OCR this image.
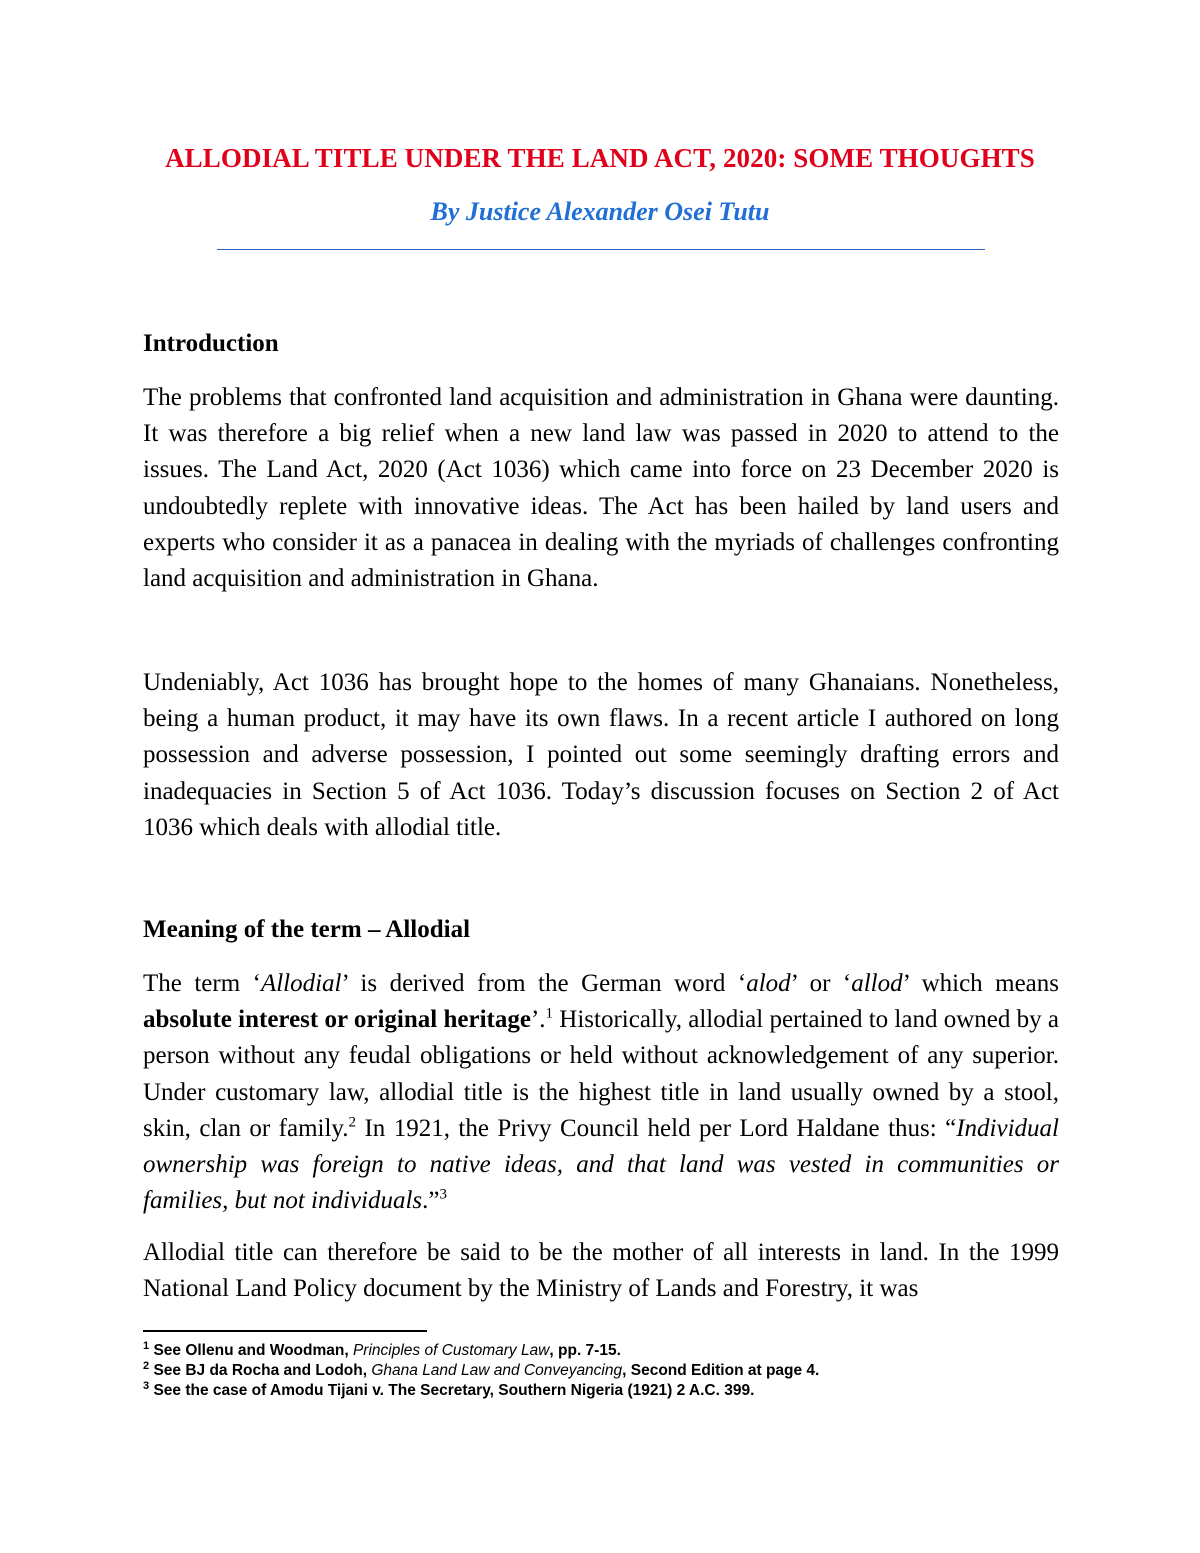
ALLODIAL TITLE UNDER THE LAND ACT, 2020: SOME THOUGHTS
By Justice Alexander Osei Tutu

Introduction

The problems that confronted land acquisition and administration in Ghana were daunting. It was therefore a big relief when a new land law was passed in 2020 to attend to the issues. The Land Act, 2020 (Act 1036) which came into force on 23 December 2020 is undoubtedly replete with innovative ideas. The Act has been hailed by land users and experts who consider it as a panacea in dealing with the myriads of challenges confronting land acquisition and administration in Ghana.

Undeniably, Act 1036 has brought hope to the homes of many Ghanaians. Nonetheless, being a human product, it may have its own flaws. In a recent article I authored on long possession and adverse possession, I pointed out some seemingly drafting errors and inadequacies in Section 5 of Act 1036. Today’s discussion focuses on Section 2 of Act 1036 which deals with allodial title.

Meaning of the term – Allodial

The term ‘Allodial’ is derived from the German word ‘alod’ or ‘allod’ which means absolute interest or original heritage’.$^1$ Historically, allodial pertained to land owned by a person without any feudal obligations or held without acknowledgement of any superior. Under customary law, allodial title is the highest title in land usually owned by a stool, skin, clan or family.$^2$ In 1921, the Privy Council held per Lord Haldane thus: “Individual ownership was foreign to native ideas, and that land was vested in communities or families, but not individuals.”$^3$

Allodial title can therefore be said to be the mother of all interests in land. In the 1999 National Land Policy document by the Ministry of Lands and Forestry, it was

$^1$ See Ollenu and Woodman, Principles of Customary Law, pp. 7-15.
$^2$ See BJ da Rocha and Lodoh, Ghana Land Law and Conveyancing, Second Edition at page 4.
$^3$ See the case of Amodu Tijani v. The Secretary, Southern Nigeria (1921) 2 A.C. 399.
